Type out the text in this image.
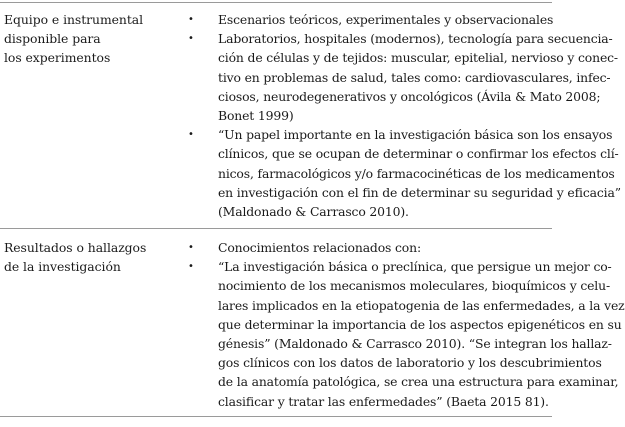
Equipo e instrumental
disponible para
los experimentos
•	Escenarios teóricos, experimentales y observacionales
•	Laboratorios, hospitales (modernos), tecnología para secuencia-
ción de células y de tejidos: muscular, epitelial, nervioso y conec-
tivo en problemas de salud, tales como: cardiovasculares, infec-
ciosos, neurodegenerativos y oncológicos (Ávila & Mato 2008;
Bonet 1999)
•	“Un papel importante en la investigación básica son los ensayos
clínicos, que se ocupan de determinar o confirmar los efectos clí-
nicos, farmacológicos y/o farmacocinéticas de los medicamentos
en investigación con el fin de determinar su seguridad y eficacia”
(Maldonado & Carrasco 2010).
Resultados o hallazgos
de la investigación
•	Conocimientos relacionados con:
•	“La investigación básica o preclínica, que persigue un mejor co-
nocimiento de los mecanismos moleculares, bioquímicos y celu-
lares implicados en la etiopatogenia de las enfermedades, a la vez
que determinar la importancia de los aspectos epigenéticos en su
génesis” (Maldonado & Carrasco 2010). “Se integran los hallaz-
gos clínicos con los datos de laboratorio y los descubrimientos
de la anatomía patológica, se crea una estructura para examinar,
clasificar y tratar las enfermedades” (Baeta 2015 81).
